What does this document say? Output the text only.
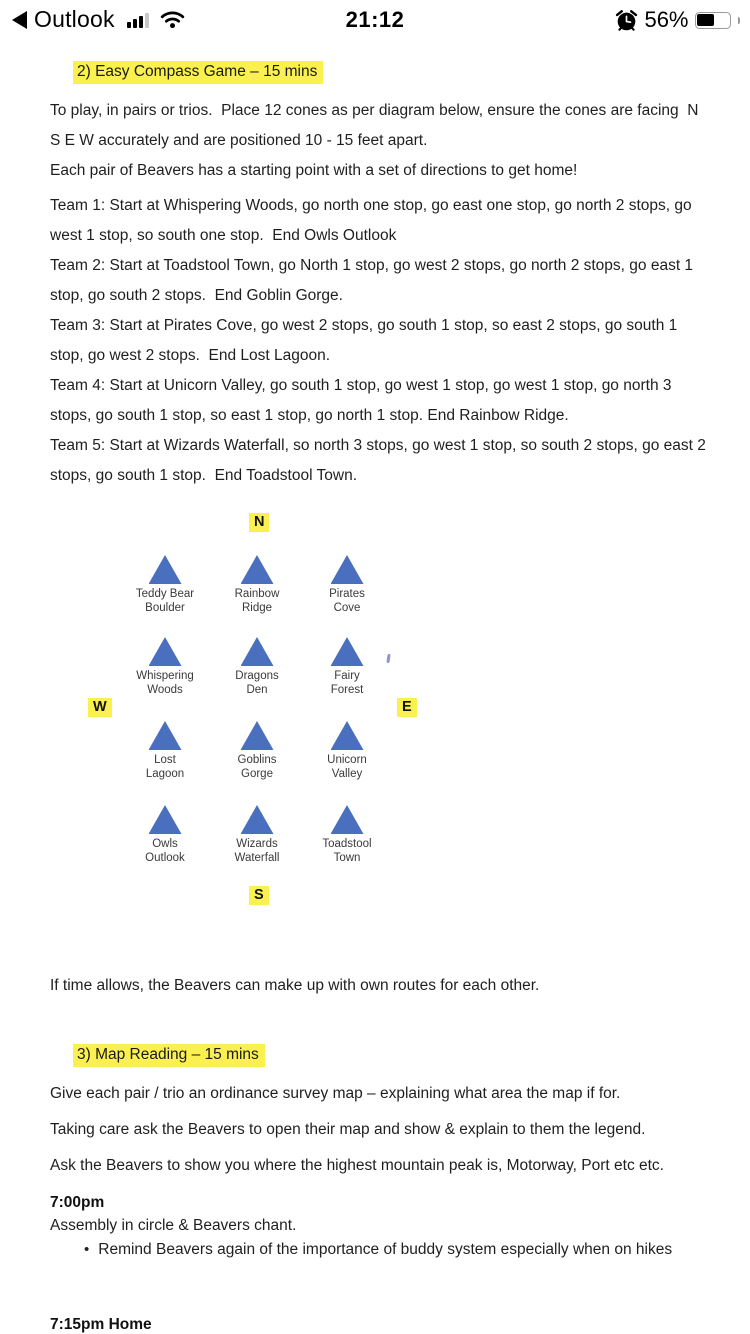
Outlook	21:12	56%
2) Easy Compass Game – 15 mins

To play, in pairs or trios.  Place 12 cones as per diagram below, ensure the cones are facing  N S E W accurately and are positioned 10 - 15 feet apart.

Each pair of Beavers has a starting point with a set of directions to get home!

Team 1: Start at Whispering Woods, go north one stop, go east one stop, go north 2 stops, go west 1 stop, so south one stop.  End Owls Outlook

Team 2: Start at Toadstool Town, go North 1 stop, go west 2 stops, go north 2 stops, go east 1 stop, go south 2 stops.  End Goblin Gorge.

Team 3: Start at Pirates Cove, go west 2 stops, go south 1 stop, so east 2 stops, go south 1 stop, go west 2 stops.  End Lost Lagoon.

Team 4: Start at Unicorn Valley, go south 1 stop, go west 1 stop, go west 1 stop, go north 3 stops, go south 1 stop, so east 1 stop, go north 1 stop. End Rainbow Ridge.

Team 5: Start at Wizards Waterfall, so north 3 stops, go west 1 stop, so south 2 stops, go east 2 stops, go south 1 stop.  End Toadstool Town.

N
W	E
S
Teddy Bear
Boulder
Rainbow
Ridge
Pirates
Cove
Whispering
Woods
Dragons
Den
Fairy
Forest
Lost
Lagoon
Goblins
Gorge
Unicorn
Valley
Owls
Outlook
Wizards
Waterfall
Toadstool
Town

If time allows, the Beavers can make up with own routes for each other.

3) Map Reading – 15 mins

Give each pair / trio an ordinance survey map – explaining what area the map if for.

Taking care ask the Beavers to open their map and show & explain to them the legend.

Ask the Beavers to show you where the highest mountain peak is, Motorway, Port etc etc.

7:00pm

Assembly in circle & Beavers chant.

• Remind Beavers again of the importance of buddy system especially when on hikes
7:15pm Home
